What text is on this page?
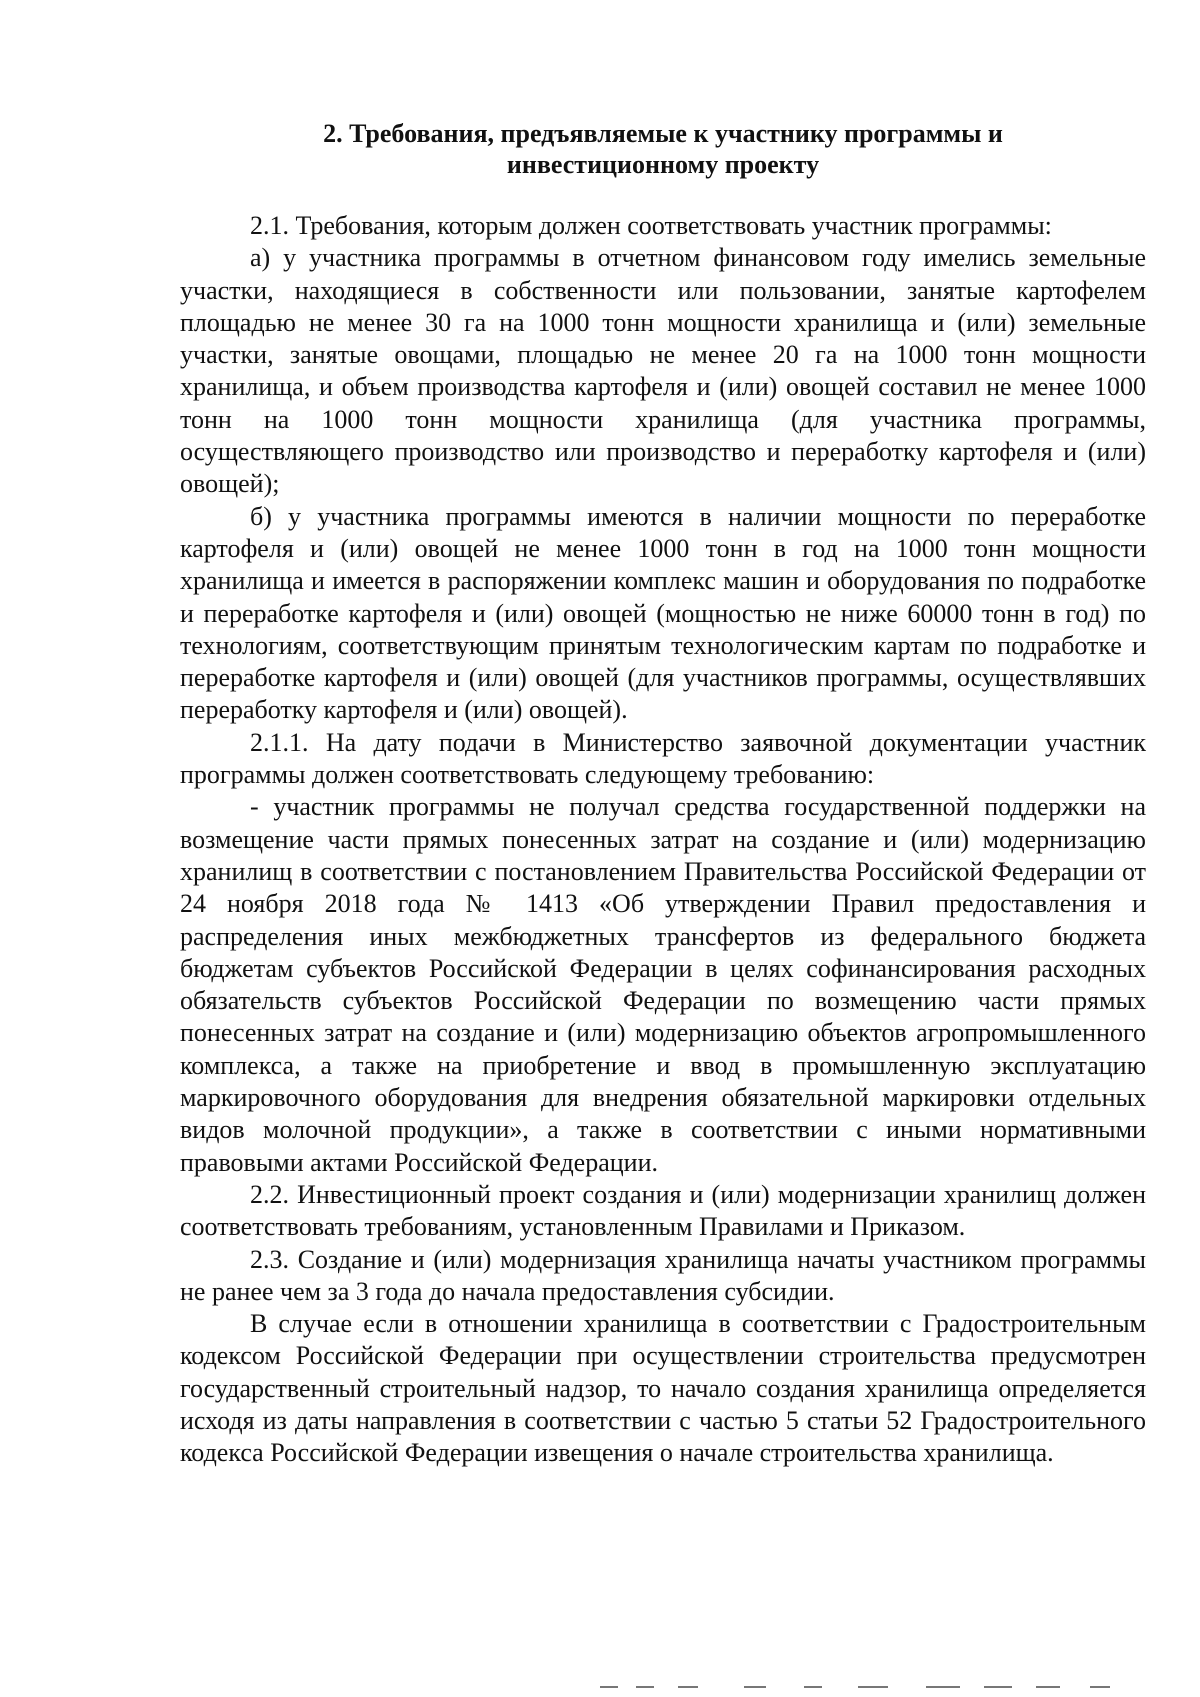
2. Требования, предъявляемые к участнику программы и
инвестиционному проекту

2.1. Требования, которым должен соответствовать участник программы:

а) у участника программы в отчетном финансовом году имелись земельные участки, находящиеся в собственности или пользовании, занятые картофелем площадью не менее 30 га на 1000 тонн мощности хранилища и (или) земельные участки, занятые овощами, площадью не менее 20 га на 1000 тонн мощности хранилища, и объем производства картофеля и (или) овощей составил не менее 1000 тонн на 1000 тонн мощности хранилища (для участника программы, осуществляющего производство или производство и переработку картофеля и (или) овощей);

б) у участника программы имеются в наличии мощности по переработке картофеля и (или) овощей не менее 1000 тонн в год на 1000 тонн мощности хранилища и имеется в распоряжении комплекс машин и оборудования по подработке и переработке картофеля и (или) овощей (мощностью не ниже 60000 тонн в год) по технологиям, соответствующим принятым технологическим картам по подработке и переработке картофеля и (или) овощей (для участников программы, осуществлявших переработку картофеля и (или) овощей).

2.1.1. На дату подачи в Министерство заявочной документации участник программы должен соответствовать следующему требованию:

- участник программы не получал средства государственной поддержки на возмещение части прямых понесенных затрат на создание и (или) модернизацию хранилищ в соответствии с постановлением Правительства Российской Федерации от 24 ноября 2018 года № 1413 «Об утверждении Правил предоставления и распределения иных межбюджетных трансфертов из федерального бюджета бюджетам субъектов Российской Федерации в целях софинансирования расходных обязательств субъектов Российской Федерации по возмещению части прямых понесенных затрат на создание и (или) модернизацию объектов агропромышленного комплекса, а также на приобретение и ввод в промышленную эксплуатацию маркировочного оборудования для внедрения обязательной маркировки отдельных видов молочной продукции», а также в соответствии с иными нормативными правовыми актами Российской Федерации.

2.2. Инвестиционный проект создания и (или) модернизации хранилищ должен соответствовать требованиям, установленным Правилами и Приказом.

2.3. Создание и (или) модернизация хранилища начаты участником программы не ранее чем за 3 года до начала предоставления субсидии.

В случае если в отношении хранилища в соответствии с Градостроительным кодексом Российской Федерации при осуществлении строительства предусмотрен государственный строительный надзор, то начало создания хранилища определяется исходя из даты направления в соответствии с частью 5 статьи 52 Градостроительного кодекса Российской Федерации извещения о начале строительства хранилища.
